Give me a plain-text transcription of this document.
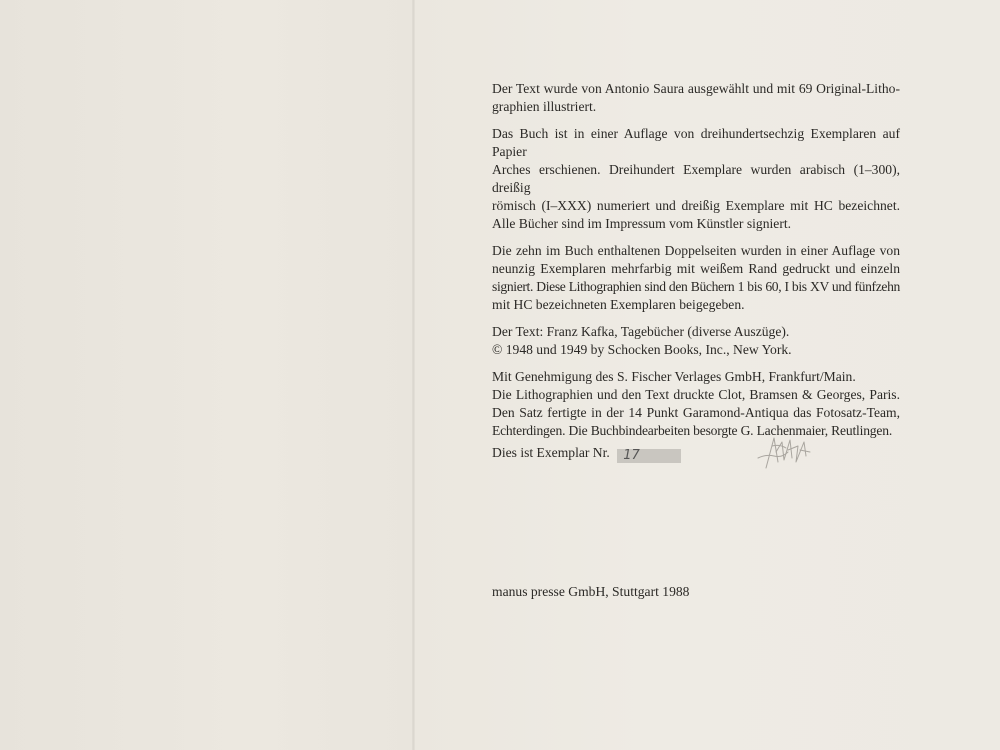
Der Text wurde von Antonio Saura ausgewählt und mit 69 Original-Litho-
graphien illustriert.
Das Buch ist in einer Auflage von dreihundertsechzig Exemplaren auf Papier
Arches erschienen. Dreihundert Exemplare wurden arabisch (1–300), dreißig
römisch (I–XXX) numeriert und dreißig Exemplare mit HC bezeichnet.
Alle Bücher sind im Impressum vom Künstler signiert.
Die zehn im Buch enthaltenen Doppelseiten wurden in einer Auflage von
neunzig Exemplaren mehrfarbig mit weißem Rand gedruckt und einzeln
signiert. Diese Lithographien sind den Büchern 1 bis 60, I bis XV und fünfzehn
mit HC bezeichneten Exemplaren beigegeben.
Der Text: Franz Kafka, Tagebücher (diverse Auszüge).
© 1948 und 1949 by Schocken Books, Inc., New York.
Mit Genehmigung des S. Fischer Verlages GmbH, Frankfurt/Main.
Die Lithographien und den Text druckte Clot, Bramsen & Georges, Paris.
Den Satz fertigte in der 14 Punkt Garamond-Antiqua das Fotosatz-Team,
Echterdingen. Die Buchbindearbeiten besorgte G. Lachenmaier, Reutlingen.
Dies ist Exemplar Nr. 17
manus presse GmbH, Stuttgart 1988
